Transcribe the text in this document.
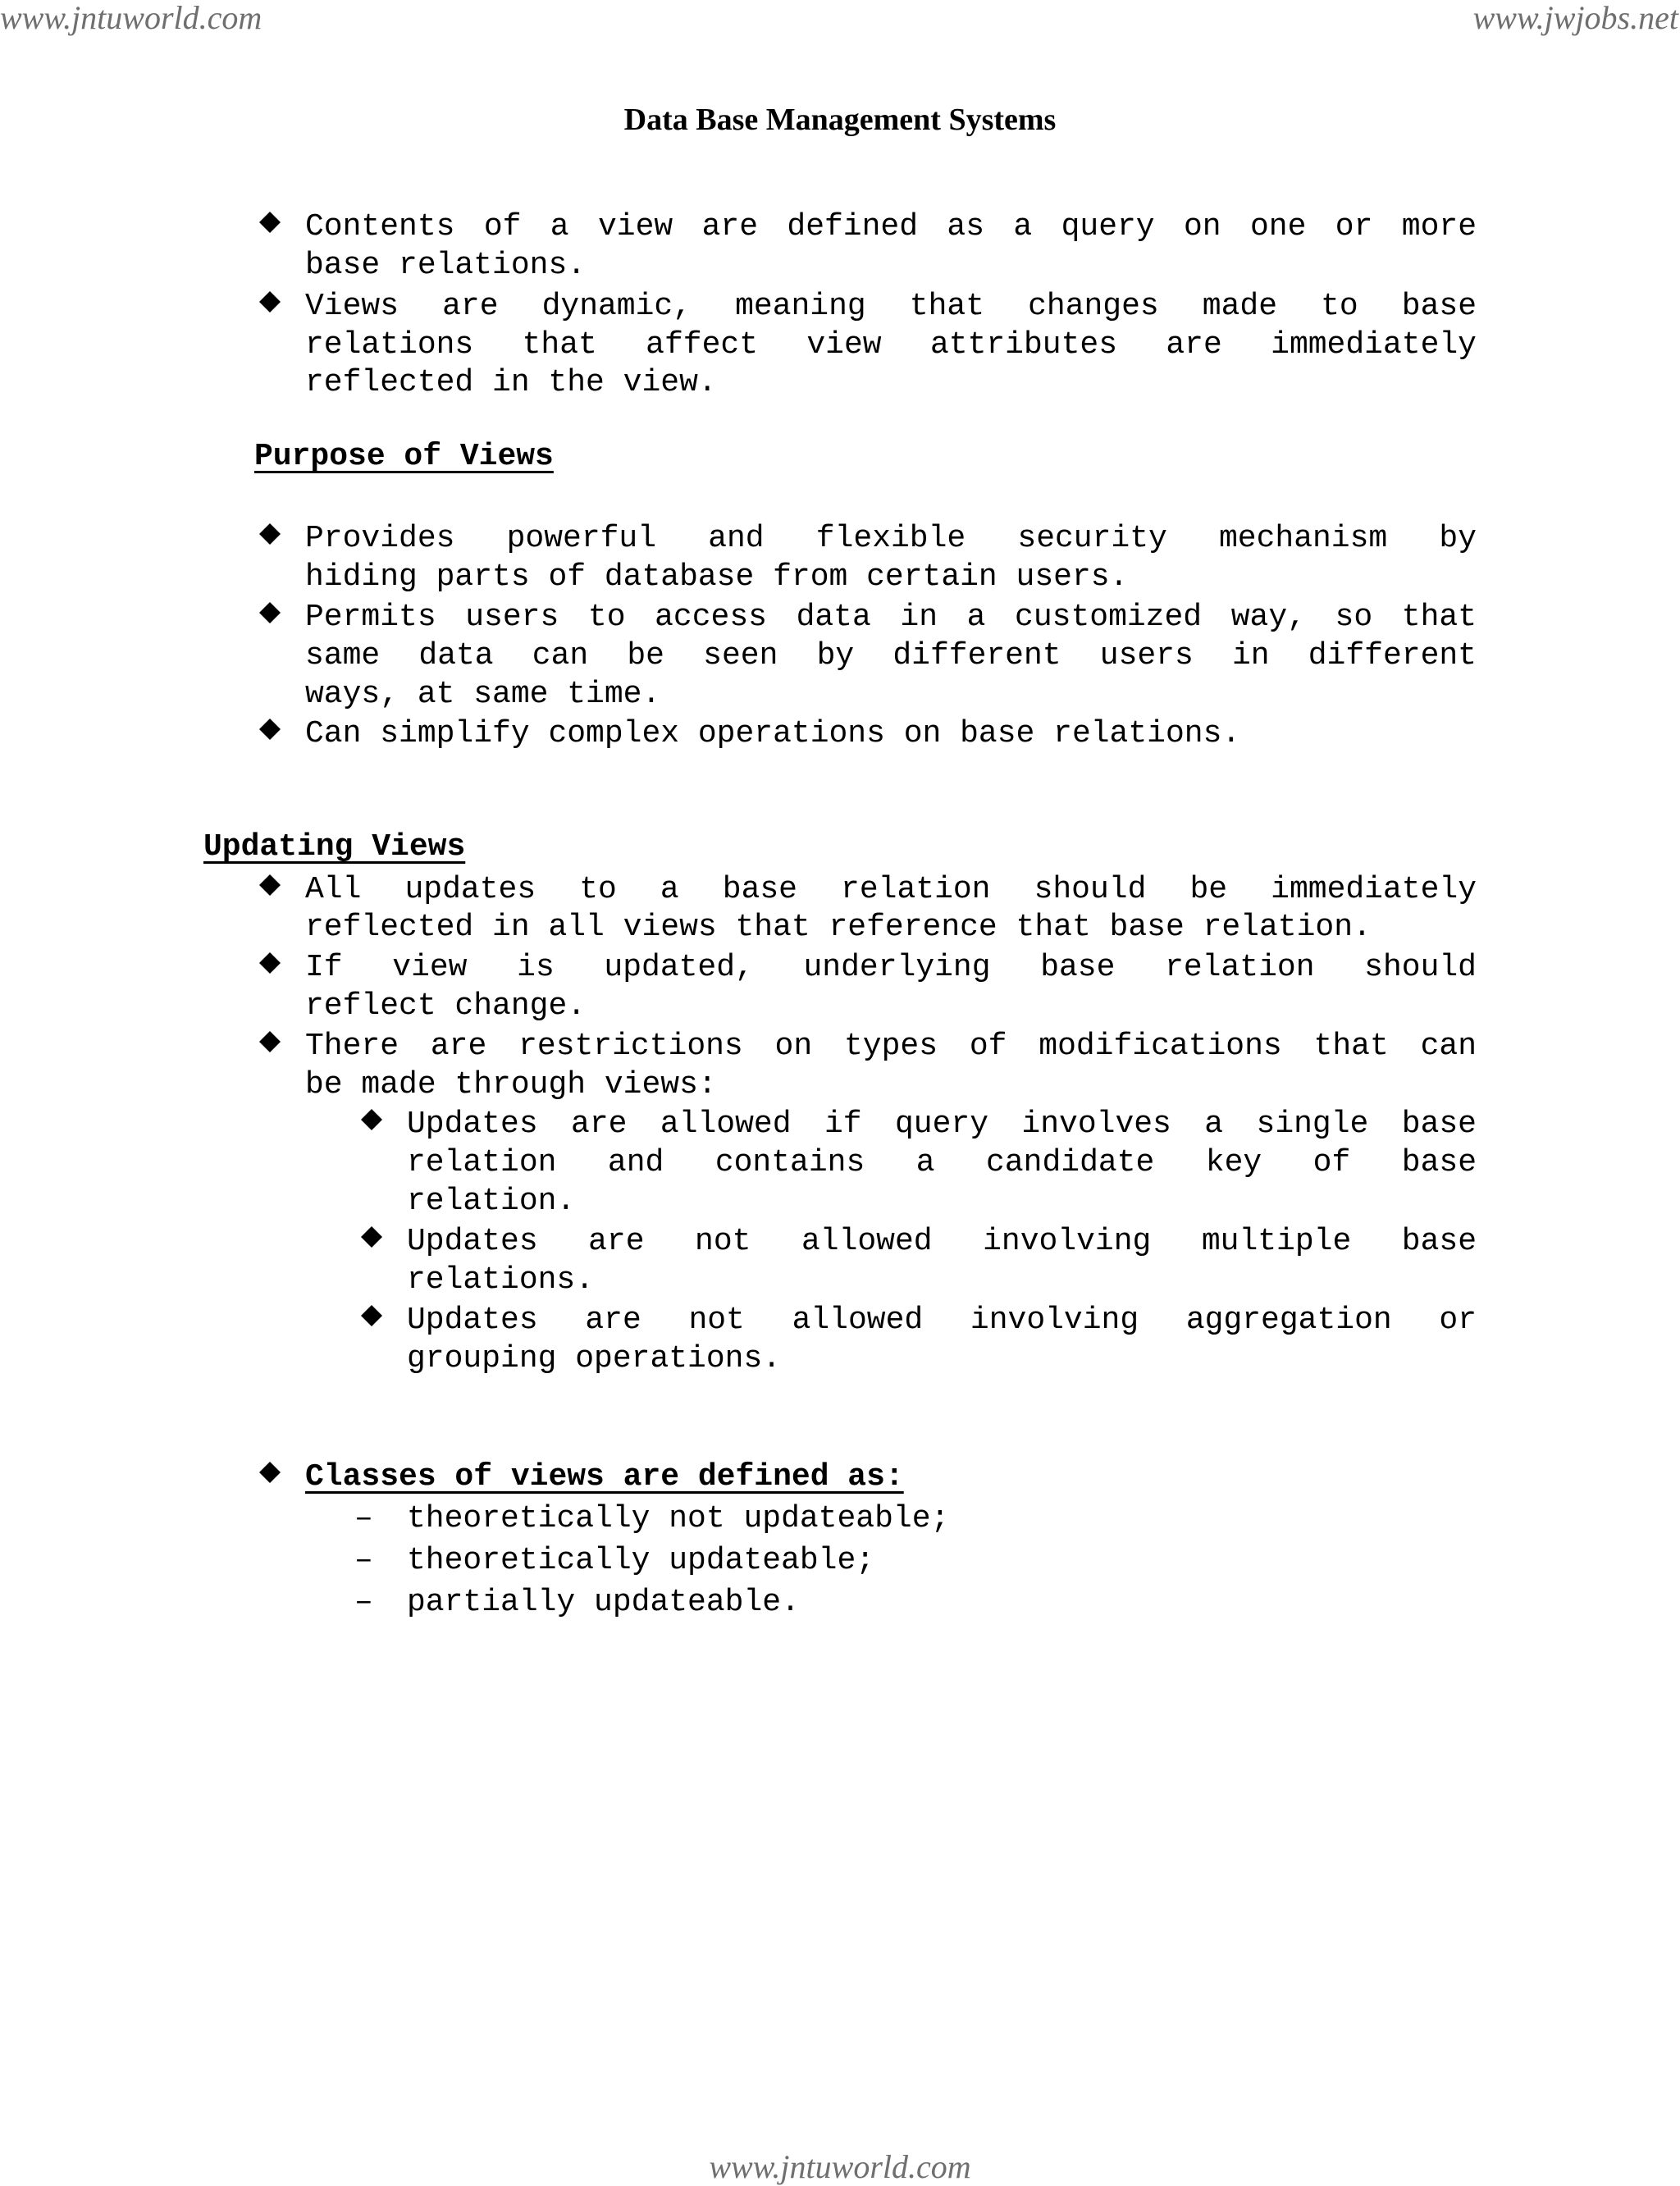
www.jntuworld.com	www.jwjobs.net
Data Base Management Systems
Contents of a view are defined as a query on one or more
base relations.
Views are dynamic, meaning that changes made to base
relations that affect view attributes are immediately
reflected in the view.
Purpose of Views
Provides powerful and flexible security mechanism by
hiding parts of database from certain users.
Permits users to access data in a customized way, so that
same data can be seen by different users in different
ways, at same time.
Can simplify complex operations on base relations.
Updating Views
All updates to a base relation should be immediately
reflected in all views that reference that base relation.
If view is updated, underlying base relation should
reflect change.
There are restrictions on types of modifications that can
be made through views:
Updates are allowed if query involves a single base
relation and contains a candidate key of base
relation.
Updates are not allowed involving multiple base
relations.
Updates are not allowed involving aggregation or
grouping operations.
Classes of views are defined as:
– theoretically not updateable;
– theoretically updateable;
– partially updateable.
www.jntuworld.com
